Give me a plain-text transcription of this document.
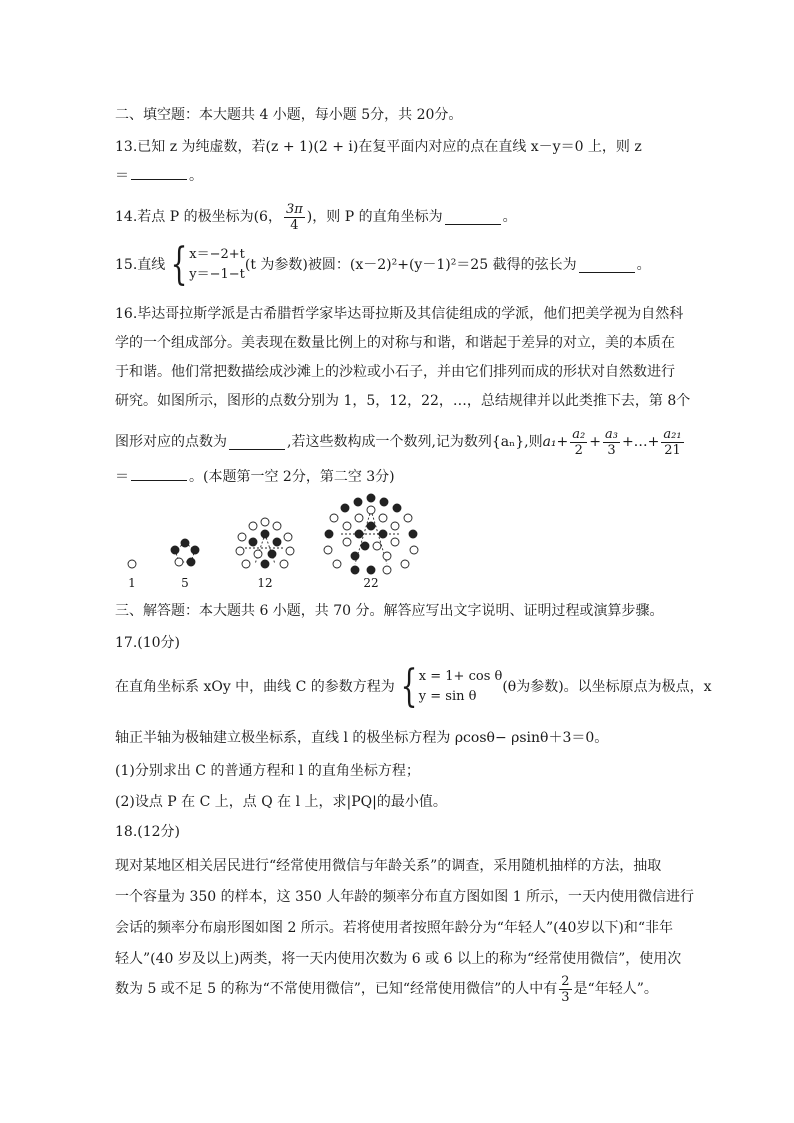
二、填空题：本大题共 4 小题，每小题 5分，共 20分。
13.已知 z 为纯虚数，若(z + 1)(2 + i)在复平面内对应的点在直线 x－y＝0 上，则 z
＝	。
14.若点 P 的极坐标为(6， $\frac{3\pi}{4}$ )，则 P 的直角坐标为	。
15.直线 { x＝−2+t
y＝−1−t
(t 为参数)被圆：(x－2)²+(y－1)²＝25 截得的弦长为	。
16.毕达哥拉斯学派是古希腊哲学家毕达哥拉斯及其信徒组成的学派，他们把美学视为自然科
学的一个组成部分。美表现在数量比例上的对称与和谐，和谐起于差异的对立，美的本质在
于和谐。他们常把数描绘成沙滩上的沙粒或小石子，并由它们排列而成的形状对自然数进行
研究。如图所示，图形的点数分别为 1，5，12，22，…，总结规律并以此类推下去，第 8个
图形对应的点数为	,若这些数构成一个数列,记为数列{aₙ},则 $a_1 + \frac{\text{a₂}}{2} + \frac{\text{a₃}}{3}$ +…+ $\frac{\text{a₂₁}}{21}$
＝	。(本题第一空 2分，第二空 3分)
1	5	12	22
三、解答题：本大题共 6 小题，共 70 分。解答应写出文字说明、证明过程或演算步骤。
17.(10分)
在直角坐标系 xOy 中，曲线 C 的参数方程为 { x = 1+ cos θ
y = sin θ
(θ为参数)。以坐标原点为极点，x
轴正半轴为极轴建立极坐标系，直线 l 的极坐标方程为 ρcosθ− ρsinθ＋3＝0。
(1)分别求出 C 的普通方程和 l 的直角坐标方程；
(2)设点 P 在 C 上，点 Q 在 l 上，求|PQ|的最小值。
18.(12分)
现对某地区相关居民进行“经常使用微信与年龄关系”的调查，采用随机抽样的方法，抽取
一个容量为 350 的样本，这 350 人年龄的频率分布直方图如图 1 所示，一天内使用微信进行
会话的频率分布扇形图如图 2 所示。若将使用者按照年龄分为“年轻人”(40岁以下)和“非年
轻人”(40 岁及以上)两类，将一天内使用次数为 6 或 6 以上的称为“经常使用微信”，使用次
数为 5 或不足 5 的称为“不常使用微信”，已知“经常使用微信”的人中有 $\frac{2}{3}$ 是“年轻人”。
